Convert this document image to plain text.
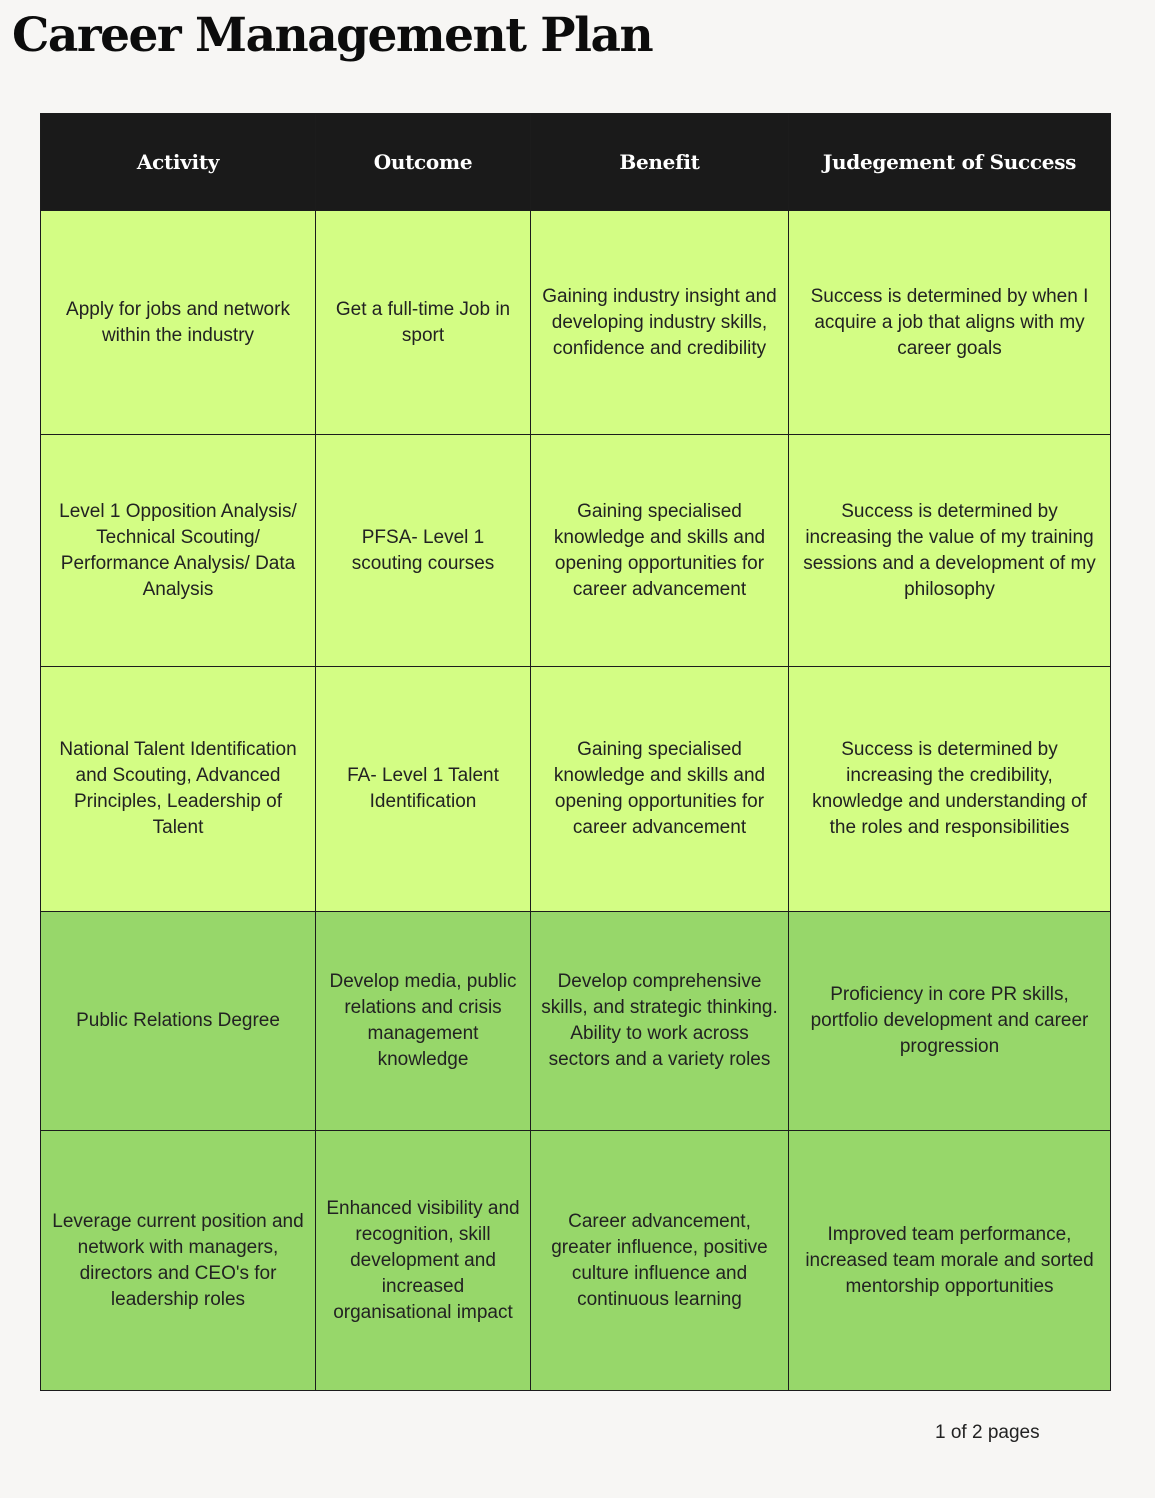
Career Management Plan
Activity	Outcome	Benefit	Judegement of Success
Apply for jobs and network within the industry	Get a full-time Job in sport	Gaining industry insight and developing industry skills, confidence and credibility	Success is determined by when I acquire a job that aligns with my career goals
Level 1 Opposition Analysis/ Technical Scouting/ Performance Analysis/ Data Analysis	PFSA- Level 1 scouting courses	Gaining specialised knowledge and skills and opening opportunities for career advancement	Success is determined by increasing the value of my training sessions and a development of my philosophy
National Talent Identification and Scouting, Advanced Principles, Leadership of Talent	FA- Level 1 Talent Identification	Gaining specialised knowledge and skills and opening opportunities for career advancement	Success is determined by increasing the credibility, knowledge and understanding of the roles and responsibilities
Public Relations Degree	Develop media, public relations and crisis management knowledge	Develop comprehensive skills, and strategic thinking. Ability to work across sectors and a variety roles	Proficiency in core PR skills, portfolio development and career progression
Leverage current position and network with managers, directors and CEO's for leadership roles	Enhanced visibility and recognition, skill development and increased organisational impact	Career advancement, greater influence, positive culture influence and continuous learning	Improved team performance, increased team morale and sorted mentorship opportunities
1 of 2 pages
